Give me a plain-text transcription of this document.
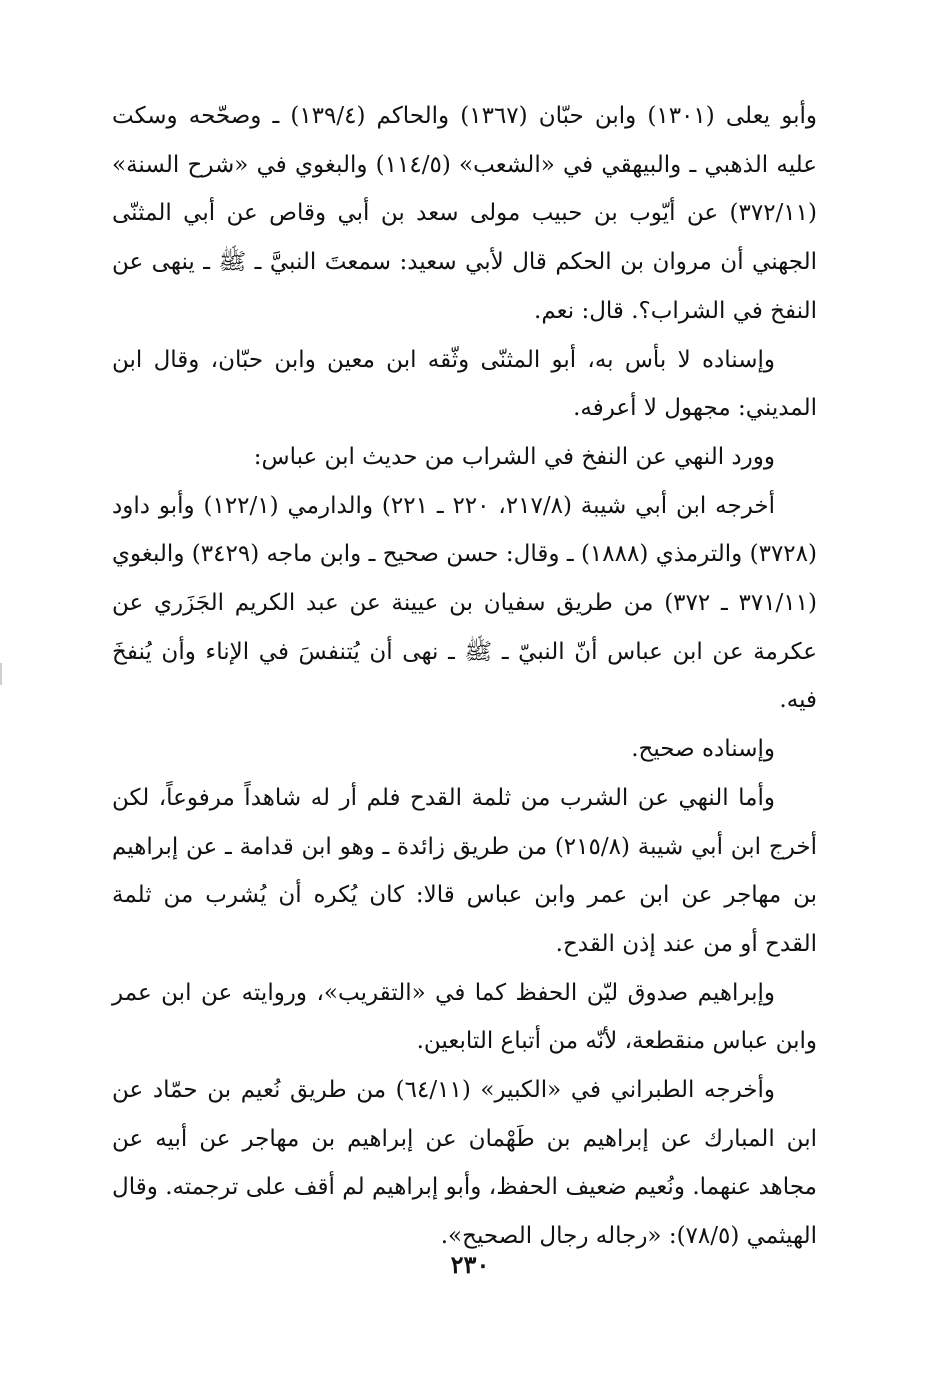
وأبو يعلى (١٣٠١) وابن حبّان (١٣٦٧) والحاكم (١٣٩/٤) ـ وصحّحه وسكت عليه الذهبي ـ والبيهقي في «الشعب» (١١٤/٥) والبغوي في «شرح السنة» (٣٧٢/١١) عن أيّوب بن حبيب مولى سعد بن أبي وقاص عن أبي المثنّى الجهني أن مروان بن الحكم قال لأبي سعيد: سمعتَ النبيَّ ـ ﷺ ـ ينهى عن النفخ في الشراب؟. قال: نعم.

وإسناده لا بأس به، أبو المثنّى وثّقه ابن معين وابن حبّان، وقال ابن المديني: مجهول لا أعرفه.

وورد النهي عن النفخ في الشراب من حديث ابن عباس:

أخرجه ابن أبي شيبة (٢١٧/٨، ٢٢٠ ـ ٢٢١) والدارمي (١٢٢/١) وأبو داود (٣٧٢٨) والترمذي (١٨٨٨) ـ وقال: حسن صحيح ـ وابن ماجه (٣٤٢٩) والبغوي (٣٧١/١١ ـ ٣٧٢) من طريق سفيان بن عيينة عن عبد الكريم الجَزَري عن عكرمة عن ابن عباس أنّ النبيّ ـ ﷺ ـ نهى أن يُتنفسَ في الإناء وأن يُنفخَ فيه.

وإسناده صحيح.

وأما النهي عن الشرب من ثلمة القدح فلم أر له شاهداً مرفوعاً، لكن أخرج ابن أبي شيبة (٢١٥/٨) من طريق زائدة ـ وهو ابن قدامة ـ عن إبراهيم بن مهاجر عن ابن عمر وابن عباس قالا: كان يُكره أن يُشرب من ثلمة القدح أو من عند إذن القدح.

وإبراهيم صدوق ليّن الحفظ كما في «التقريب»، وروايته عن ابن عمر وابن عباس منقطعة، لأنّه من أتباع التابعين.

وأخرجه الطبراني في «الكبير» (٦٤/١١) من طريق نُعيم بن حمّاد عن ابن المبارك عن إبراهيم بن طَهْمان عن إبراهيم بن مهاجر عن أبيه عن مجاهد عنهما. ونُعيم ضعيف الحفظ، وأبو إبراهيم لم أقف على ترجمته. وقال الهيثمي (٧٨/٥): «رجاله رجال الصحيح».

٢٣٠
